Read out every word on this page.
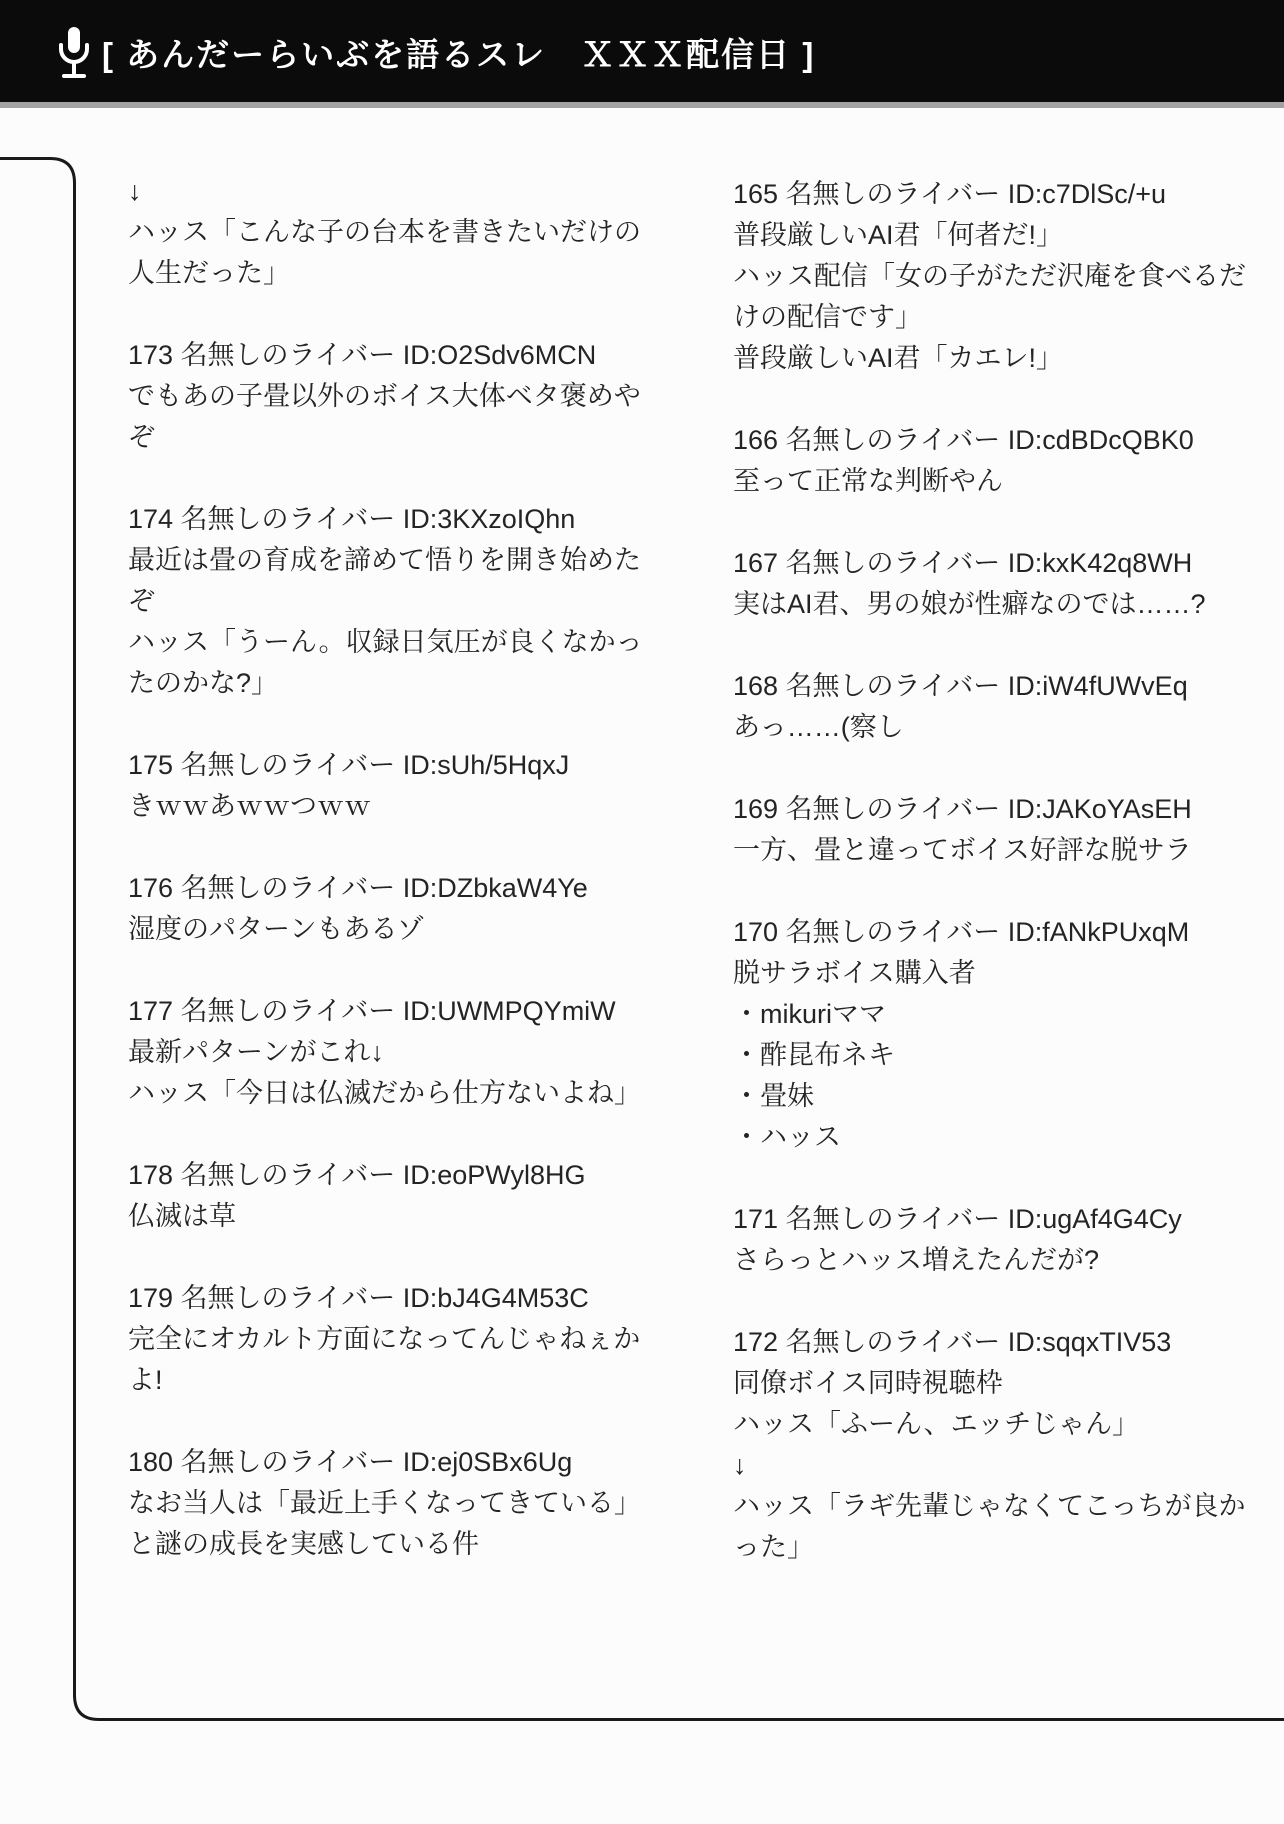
[ あんだーらいぶを語るスレ　ＸＸＸ配信日 ]
↓
ハッス「こんな子の台本を書きたいだけの
人生だった」
173 名無しのライバー ID:O2Sdv6MCN
でもあの子畳以外のボイス大体ベタ褒めや
ぞ
174 名無しのライバー ID:3KXzoIQhn
最近は畳の育成を諦めて悟りを開き始めた
ぞ
ハッス「うーん。収録日気圧が良くなかっ
たのかな?」
175 名無しのライバー ID:sUh/5HqxJ
きｗｗあｗｗつｗｗ
176 名無しのライバー ID:DZbkaW4Ye
湿度のパターンもあるゾ
177 名無しのライバー ID:UWMPQYmiW
最新パターンがこれ↓
ハッス「今日は仏滅だから仕方ないよね」
178 名無しのライバー ID:eoPWyl8HG
仏滅は草
179 名無しのライバー ID:bJ4G4M53C
完全にオカルト方面になってんじゃねぇか
よ!
180 名無しのライバー ID:ej0SBx6Ug
なお当人は「最近上手くなってきている」
と謎の成長を実感している件
165 名無しのライバー ID:c7DlSc/+u
普段厳しいAI君「何者だ!」
ハッス配信「女の子がただ沢庵を食べるだ
けの配信です」
普段厳しいAI君「カエレ!」
166 名無しのライバー ID:cdBDcQBK0
至って正常な判断やん
167 名無しのライバー ID:kxK42q8WH
実はAI君、男の娘が性癖なのでは……?
168 名無しのライバー ID:iW4fUWvEq
あっ……(察し
169 名無しのライバー ID:JAKoYAsEH
一方、畳と違ってボイス好評な脱サラ
170 名無しのライバー ID:fANkPUxqM
脱サラボイス購入者
・mikuriママ
・酢昆布ネキ
・畳妹
・ハッス
171 名無しのライバー ID:ugAf4G4Cy
さらっとハッス増えたんだが?
172 名無しのライバー ID:sqqxTIV53
同僚ボイス同時視聴枠
ハッス「ふーん、エッチじゃん」
↓
ハッス「ラギ先輩じゃなくてこっちが良か
った」
